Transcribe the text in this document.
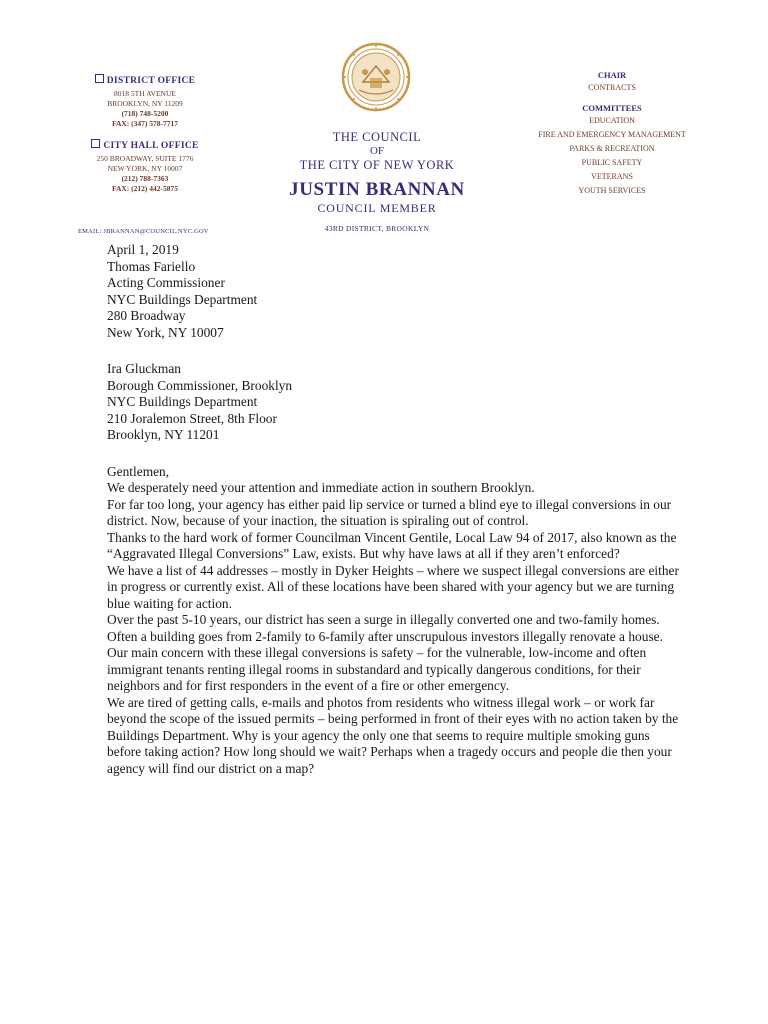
DISTRICT OFFICE
8018 5TH AVENUE
BROOKLYN, NY 11209
(718) 748-5200
FAX: (347) 578-7717
CITY HALL OFFICE
250 BROADWAY, SUITE 1776
NEW YORK, NY 10007
(212) 788-7363
FAX: (212) 442-5875
EMAIL: JBRANNAN@COUNCIL.NYC.GOV
THE COUNCIL
OF
THE CITY OF NEW YORK
JUSTIN BRANNAN
COUNCIL MEMBER
43RD DISTRICT, BROOKLYN
CHAIR
CONTRACTS
COMMITTEES
EDUCATION
FIRE AND EMERGENCY MANAGEMENT
PARKS & RECREATION
PUBLIC SAFETY
VETERANS
YOUTH SERVICES

April 1, 2019

Thomas Fariello

Acting Commissioner

NYC Buildings Department

280 Broadway

New York, NY 10007

Ira Gluckman

Borough Commissioner, Brooklyn

NYC Buildings Department

210 Joralemon Street, 8th Floor

Brooklyn, NY 11201

Gentlemen,

We desperately need your attention and immediate action in southern Brooklyn.

For far too long, your agency has either paid lip service or turned a blind eye to illegal conversions in our district. Now, because of your inaction, the situation is spiraling out of control.

Thanks to the hard work of former Councilman Vincent Gentile, Local Law 94 of 2017, also known as the “Aggravated Illegal Conversions” Law, exists. But why have laws at all if they aren’t enforced?

We have a list of 44 addresses – mostly in Dyker Heights – where we suspect illegal conversions are either in progress or currently exist. All of these locations have been shared with your agency but we are turning blue waiting for action.

Over the past 5-10 years, our district has seen a surge in illegally converted one and two-family homes. Often a building goes from 2-family to 6-family after unscrupulous investors illegally renovate a house. Our main concern with these illegal conversions is safety – for the vulnerable, low-income and often immigrant tenants renting illegal rooms in substandard and typically dangerous conditions, for their neighbors and for first responders in the event of a fire or other emergency.

We are tired of getting calls, e-mails and photos from residents who witness illegal work – or work far beyond the scope of the issued permits – being performed in front of their eyes with no action taken by the Buildings Department. Why is your agency the only one that seems to require multiple smoking guns before taking action? How long should we wait? Perhaps when a tragedy occurs and people die then your agency will find our district on a map?
